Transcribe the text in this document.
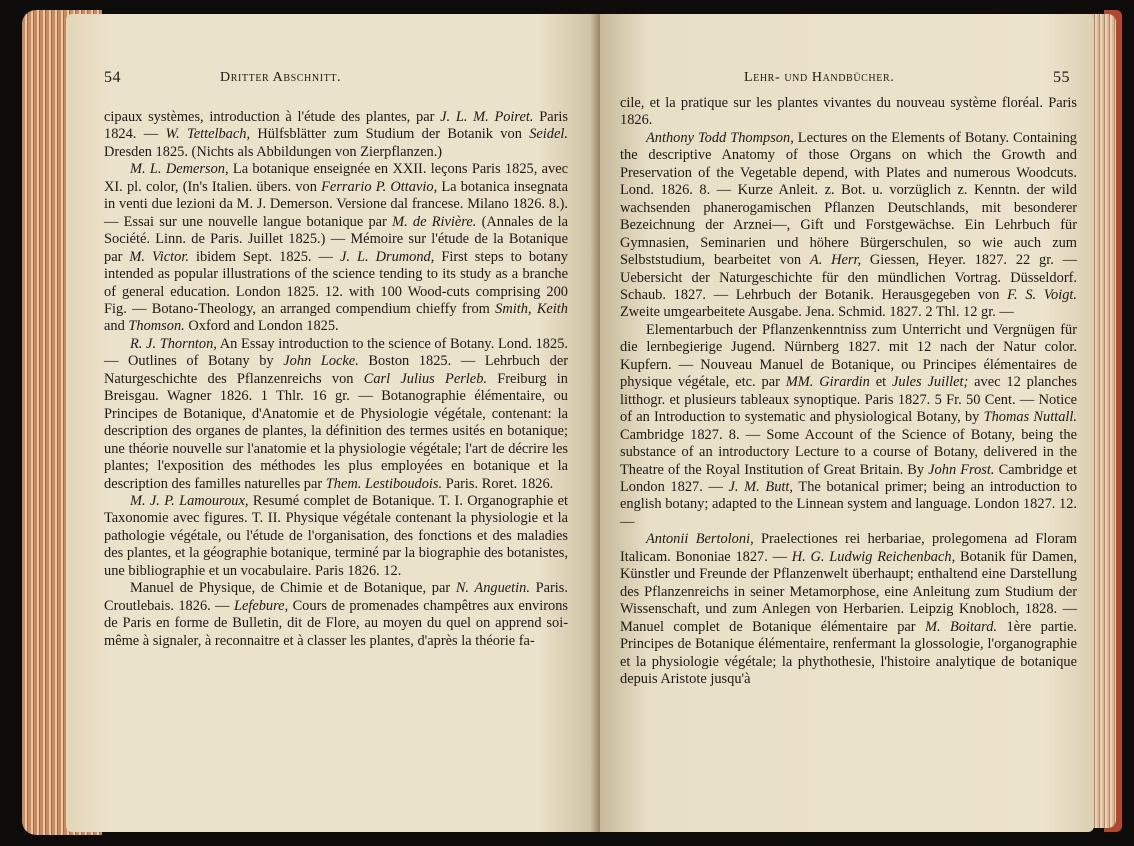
54	Dritter Abschnitt.

cipaux systèmes, introduction à l'étude des plantes, par J. L. M. Poiret. Paris 1824. — W. Tettelbach, Hülfsblätter zum Studium der Botanik von Seidel. Dresden 1825. (Nichts als Abbildungen von Zierpflanzen.)

M. L. Demerson, La botanique enseignée en XXII. leçons Paris 1825, avec XI. pl. color, (In's Italien. übers. von Ferrario P. Ottavio, La botanica insegnata in venti due lezioni da M. J. Demerson. Versione dal francese. Milano 1826. 8.). — Essai sur une nouvelle langue botanique par M. de Rivière. (Annales de la Société. Linn. de Paris. Juillet 1825.) — Mémoire sur l'étude de la Botanique par M. Victor. ibidem Sept. 1825. — J. L. Drumond, First steps to botany intended as popular illustrations of the science tending to its study as a branche of general education. London 1825. 12. with 100 Wood-cuts comprising 200 Fig. — Botano-Theology, an arranged compendium chieffy from Smith, Keith and Thomson. Oxford and London 1825.

R. J. Thornton, An Essay introduction to the science of Botany. Lond. 1825. — Outlines of Botany by John Locke. Boston 1825. — Lehrbuch der Naturgeschichte des Pflanzenreichs von Carl Julius Perleb. Freiburg in Breisgau. Wagner 1826. 1 Thlr. 16 gr. — Botanographie élémentaire, ou Principes de Botanique, d'Anatomie et de Physiologie végétale, contenant: la description des organes de plantes, la définition des termes usités en botanique; une théorie nouvelle sur l'anatomie et la physiologie végétale; l'art de décrire les plantes; l'exposition des méthodes les plus employées en botanique et la description des familles naturelles par Them. Lestiboudois. Paris. Roret. 1826.

M. J. P. Lamouroux, Resumé complet de Botanique. T. I. Organographie et Taxonomie avec figures. T. II. Physique végétale contenant la physiologie et la pathologie végétale, ou l'étude de l'organisation, des fonctions et des maladies des plantes, et la géographie botanique, terminé par la biographie des botanistes, une bibliographie et un vocabulaire. Paris 1826. 12.

Manuel de Physique, de Chimie et de Botanique, par N. Anguetin. Paris. Croutlebais. 1826. — Lefebure, Cours de promenades champêtres aux environs de Paris en forme de Bulletin, dit de Flore, au moyen du quel on apprend soi-même à signaler, à reconnaitre et à classer les plantes, d'après la théorie fa-

Lehr- und Handbücher.	55

cile, et la pratique sur les plantes vivantes du nouveau système floréal. Paris 1826.

Anthony Todd Thompson, Lectures on the Elements of Botany. Containing the descriptive Anatomy of those Organs on which the Growth and Preservation of the Vegetable depend, with Plates and numerous Woodcuts. Lond. 1826. 8. — Kurze Anleit. z. Bot. u. vorzüglich z. Kenntn. der wild wachsenden phanerogamischen Pflanzen Deutschlands, mit besonderer Bezeichnung der Arznei—, Gift und Forstgewächse. Ein Lehrbuch für Gymnasien, Seminarien und höhere Bürgerschulen, so wie auch zum Selbststudium, bearbeitet von A. Herr, Giessen, Heyer. 1827. 22 gr. — Uebersicht der Naturgeschichte für den mündlichen Vortrag. Düsseldorf. Schaub. 1827. — Lehrbuch der Botanik. Herausgegeben von F. S. Voigt. Zweite umgearbeitete Ausgabe. Jena. Schmid. 1827. 2 Thl. 12 gr. —

Elementarbuch der Pflanzenkenntniss zum Unterricht und Vergnügen für die lernbegierige Jugend. Nürnberg 1827. mit 12 nach der Natur color. Kupfern. — Nouveau Manuel de Botanique, ou Principes élémentaires de physique végétale, etc. par MM. Girardin et Jules Juillet; avec 12 planches litthogr. et plusieurs tableaux synoptique. Paris 1827. 5 Fr. 50 Cent. — Notice of an Introduction to systematic and physiological Botany, by Thomas Nuttall. Cambridge 1827. 8. — Some Account of the Science of Botany, being the substance of an introductory Lecture to a course of Botany, delivered in the Theatre of the Royal Institution of Great Britain. By John Frost. Cambridge et London 1827. — J. M. Butt, The botanical primer; being an introduction to english botany; adapted to the Linnean system and language. London 1827. 12. —

Antonii Bertoloni, Praelectiones rei herbariae, prolegomena ad Floram Italicam. Bononiae 1827. — H. G. Ludwig Reichenbach, Botanik für Damen, Künstler und Freunde der Pflanzenwelt überhaupt; enthaltend eine Darstellung des Pflanzenreichs in seiner Metamorphose, eine Anleitung zum Studium der Wissenschaft, und zum Anlegen von Herbarien. Leipzig Knobloch, 1828. — Manuel complet de Botanique élémentaire par M. Boitard. 1ère partie. Principes de Botanique élémentaire, renfermant la glossologie, l'organographie et la physiologie végétale; la phythothesie, l'histoire analytique de botanique depuis Aristote jusqu'à
